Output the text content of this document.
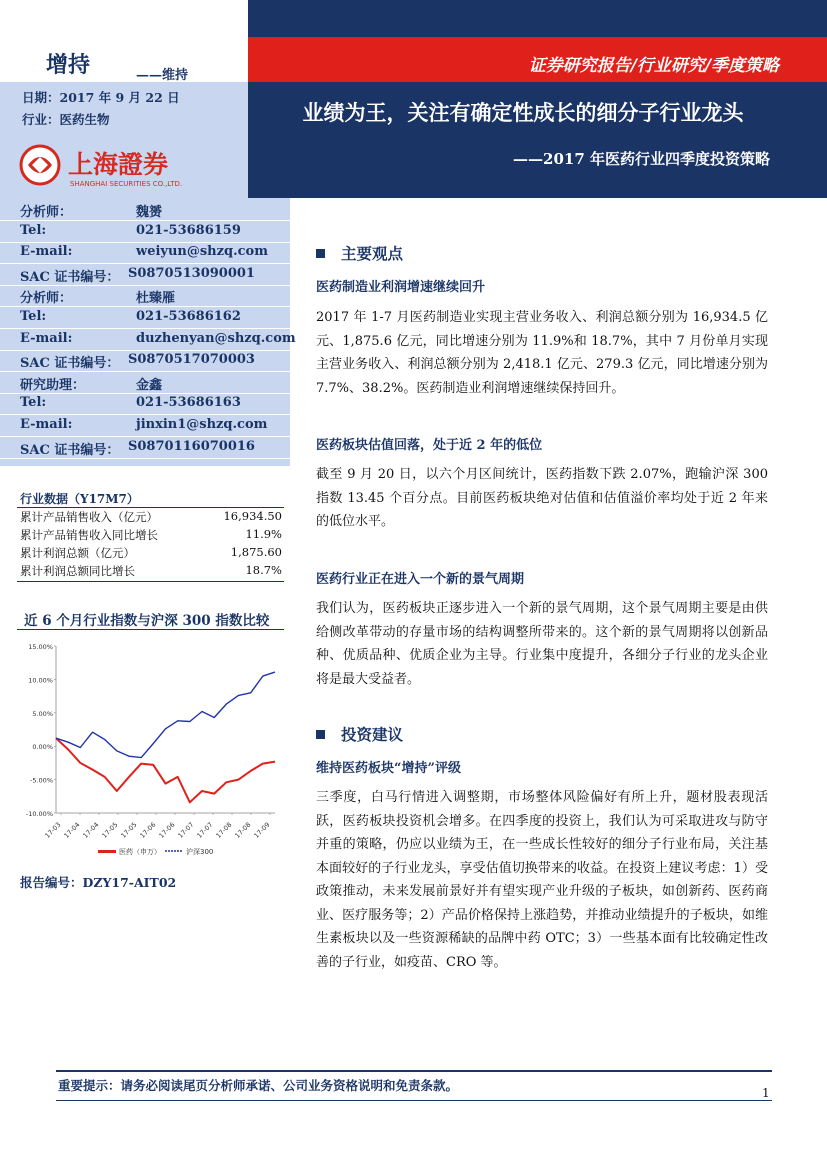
增持	——维持
日期：2017 年 9 月 22 日
行业：医药生物
证券研究报告/行业研究/季度策略
业绩为王，关注有确定性成长的细分子行业龙头
——2017 年医药行业四季度投资策略
上海證券
SHANGHAI SECURITIES CO.,LTD.
分析师：	魏赟
Tel:	021-53686159
E-mail:	weiyun@shzq.com
SAC 证书编号： S0870513090001
分析师：	杜臻雁
Tel:	021-53686162
E-mail:	duzhenyan@shzq.com
SAC 证书编号： S0870517070003
研究助理：	金鑫
Tel:	021-53686163
E-mail:	jinxin1@shzq.com
SAC 证书编号： S0870116070016
行业数据（Y17M7）
累计产品销售收入（亿元）	16,934.50
累计产品销售收入同比增长	11.9%
累计利润总额（亿元）	1,875.60
累计利润总额同比增长	18.7%
近 6 个月行业指数与沪深 300 指数比较
15.00%
10.00%
5.00%
0.00%
-5.00%
-10.00%
17-03 17-04 17-04 17-05 17-05 17-06 17-06 17-07 17-07 17-08 17-08 17-09
医药（申万）	沪深300
报告编号：DZY17-AIT02
主要观点
医药制造业利润增速继续回升
2017 年 1-7 月医药制造业实现主营业务收入、利润总额分别为 16,934.5 亿元、1,875.6 亿元，同比增速分别为 11.9%和 18.7%，其中 7 月份单月实现主营业务收入、利润总额分别为 2,418.1 亿元、279.3 亿元，同比增速分别为 7.7%、38.2%。医药制造业利润增速继续保持回升。
医药板块估值回落，处于近 2 年的低位
截至 9 月 20 日，以六个月区间统计，医药指数下跌 2.07%，跑输沪深 300 指数 13.45 个百分点。目前医药板块绝对估值和估值溢价率均处于近 2 年来的低位水平。
医药行业正在进入一个新的景气周期
我们认为，医药板块正逐步进入一个新的景气周期，这个景气周期主要是由供给侧改革带动的存量市场的结构调整所带来的。这个新的景气周期将以创新品种、优质品种、优质企业为主导。行业集中度提升，各细分子行业的龙头企业将是最大受益者。
投资建议
维持医药板块“增持”评级
三季度，白马行情进入调整期，市场整体风险偏好有所上升，题材股表现活跃，医药板块投资机会增多。在四季度的投资上，我们认为可采取进攻与防守并重的策略，仍应以业绩为王，在一些成长性较好的细分子行业布局，关注基本面较好的子行业龙头，享受估值切换带来的收益。在投资上建议考虑：1）受政策推动，未来发展前景好并有望实现产业升级的子板块，如创新药、医药商业、医疗服务等；2）产品价格保持上涨趋势，并推动业绩提升的子板块，如维生素板块以及一些资源稀缺的品牌中药 OTC；3）一些基本面有比较确定性改善的子行业，如疫苗、CRO 等。
重要提示：请务必阅读尾页分析师承诺、公司业务资格说明和免责条款。	1
